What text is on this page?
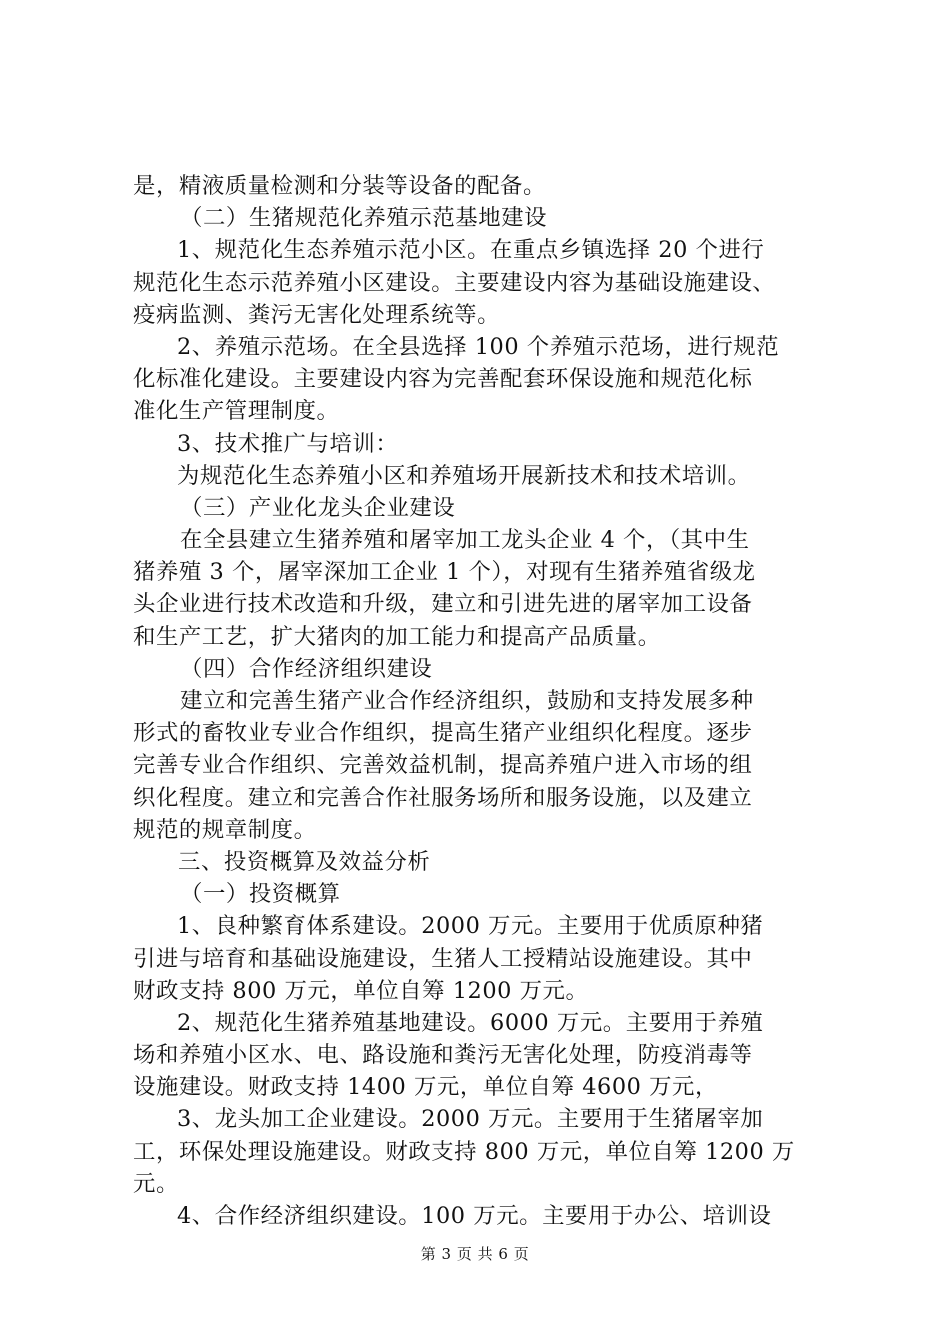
是，精液质量检测和分装等设备的配备。
（二）生猪规范化养殖示范基地建设
1、规范化生态养殖示范小区。在重点乡镇选择 20 个进行
规范化生态示范养殖小区建设。主要建设内容为基础设施建设、
疫病监测、粪污无害化处理系统等。
2、养殖示范场。在全县选择 100 个养殖示范场，进行规范
化标准化建设。主要建设内容为完善配套环保设施和规范化标
准化生产管理制度。
3、技术推广与培训：
为规范化生态养殖小区和养殖场开展新技术和技术培训。
（三）产业化龙头企业建设
在全县建立生猪养殖和屠宰加工龙头企业 4 个，（其中生
猪养殖 3 个，屠宰深加工企业 1 个），对现有生猪养殖省级龙
头企业进行技术改造和升级，建立和引进先进的屠宰加工设备
和生产工艺，扩大猪肉的加工能力和提高产品质量。
（四）合作经济组织建设
建立和完善生猪产业合作经济组织，鼓励和支持发展多种
形式的畜牧业专业合作组织，提高生猪产业组织化程度。逐步
完善专业合作组织、完善效益机制，提高养殖户进入市场的组
织化程度。建立和完善合作社服务场所和服务设施，以及建立
规范的规章制度。
三、投资概算及效益分析
（一）投资概算
1、良种繁育体系建设。2000 万元。主要用于优质原种猪
引进与培育和基础设施建设，生猪人工授精站设施建设。其中
财政支持 800 万元，单位自筹 1200 万元。
2、规范化生猪养殖基地建设。6000 万元。主要用于养殖
场和养殖小区水、电、路设施和粪污无害化处理，防疫消毒等
设施建设。财政支持 1400 万元，单位自筹 4600 万元，
3、龙头加工企业建设。2000 万元。主要用于生猪屠宰加
工，环保处理设施建设。财政支持 800 万元，单位自筹 1200 万
元。
4、合作经济组织建设。100 万元。主要用于办公、培训设
第 3 页 共 6 页
